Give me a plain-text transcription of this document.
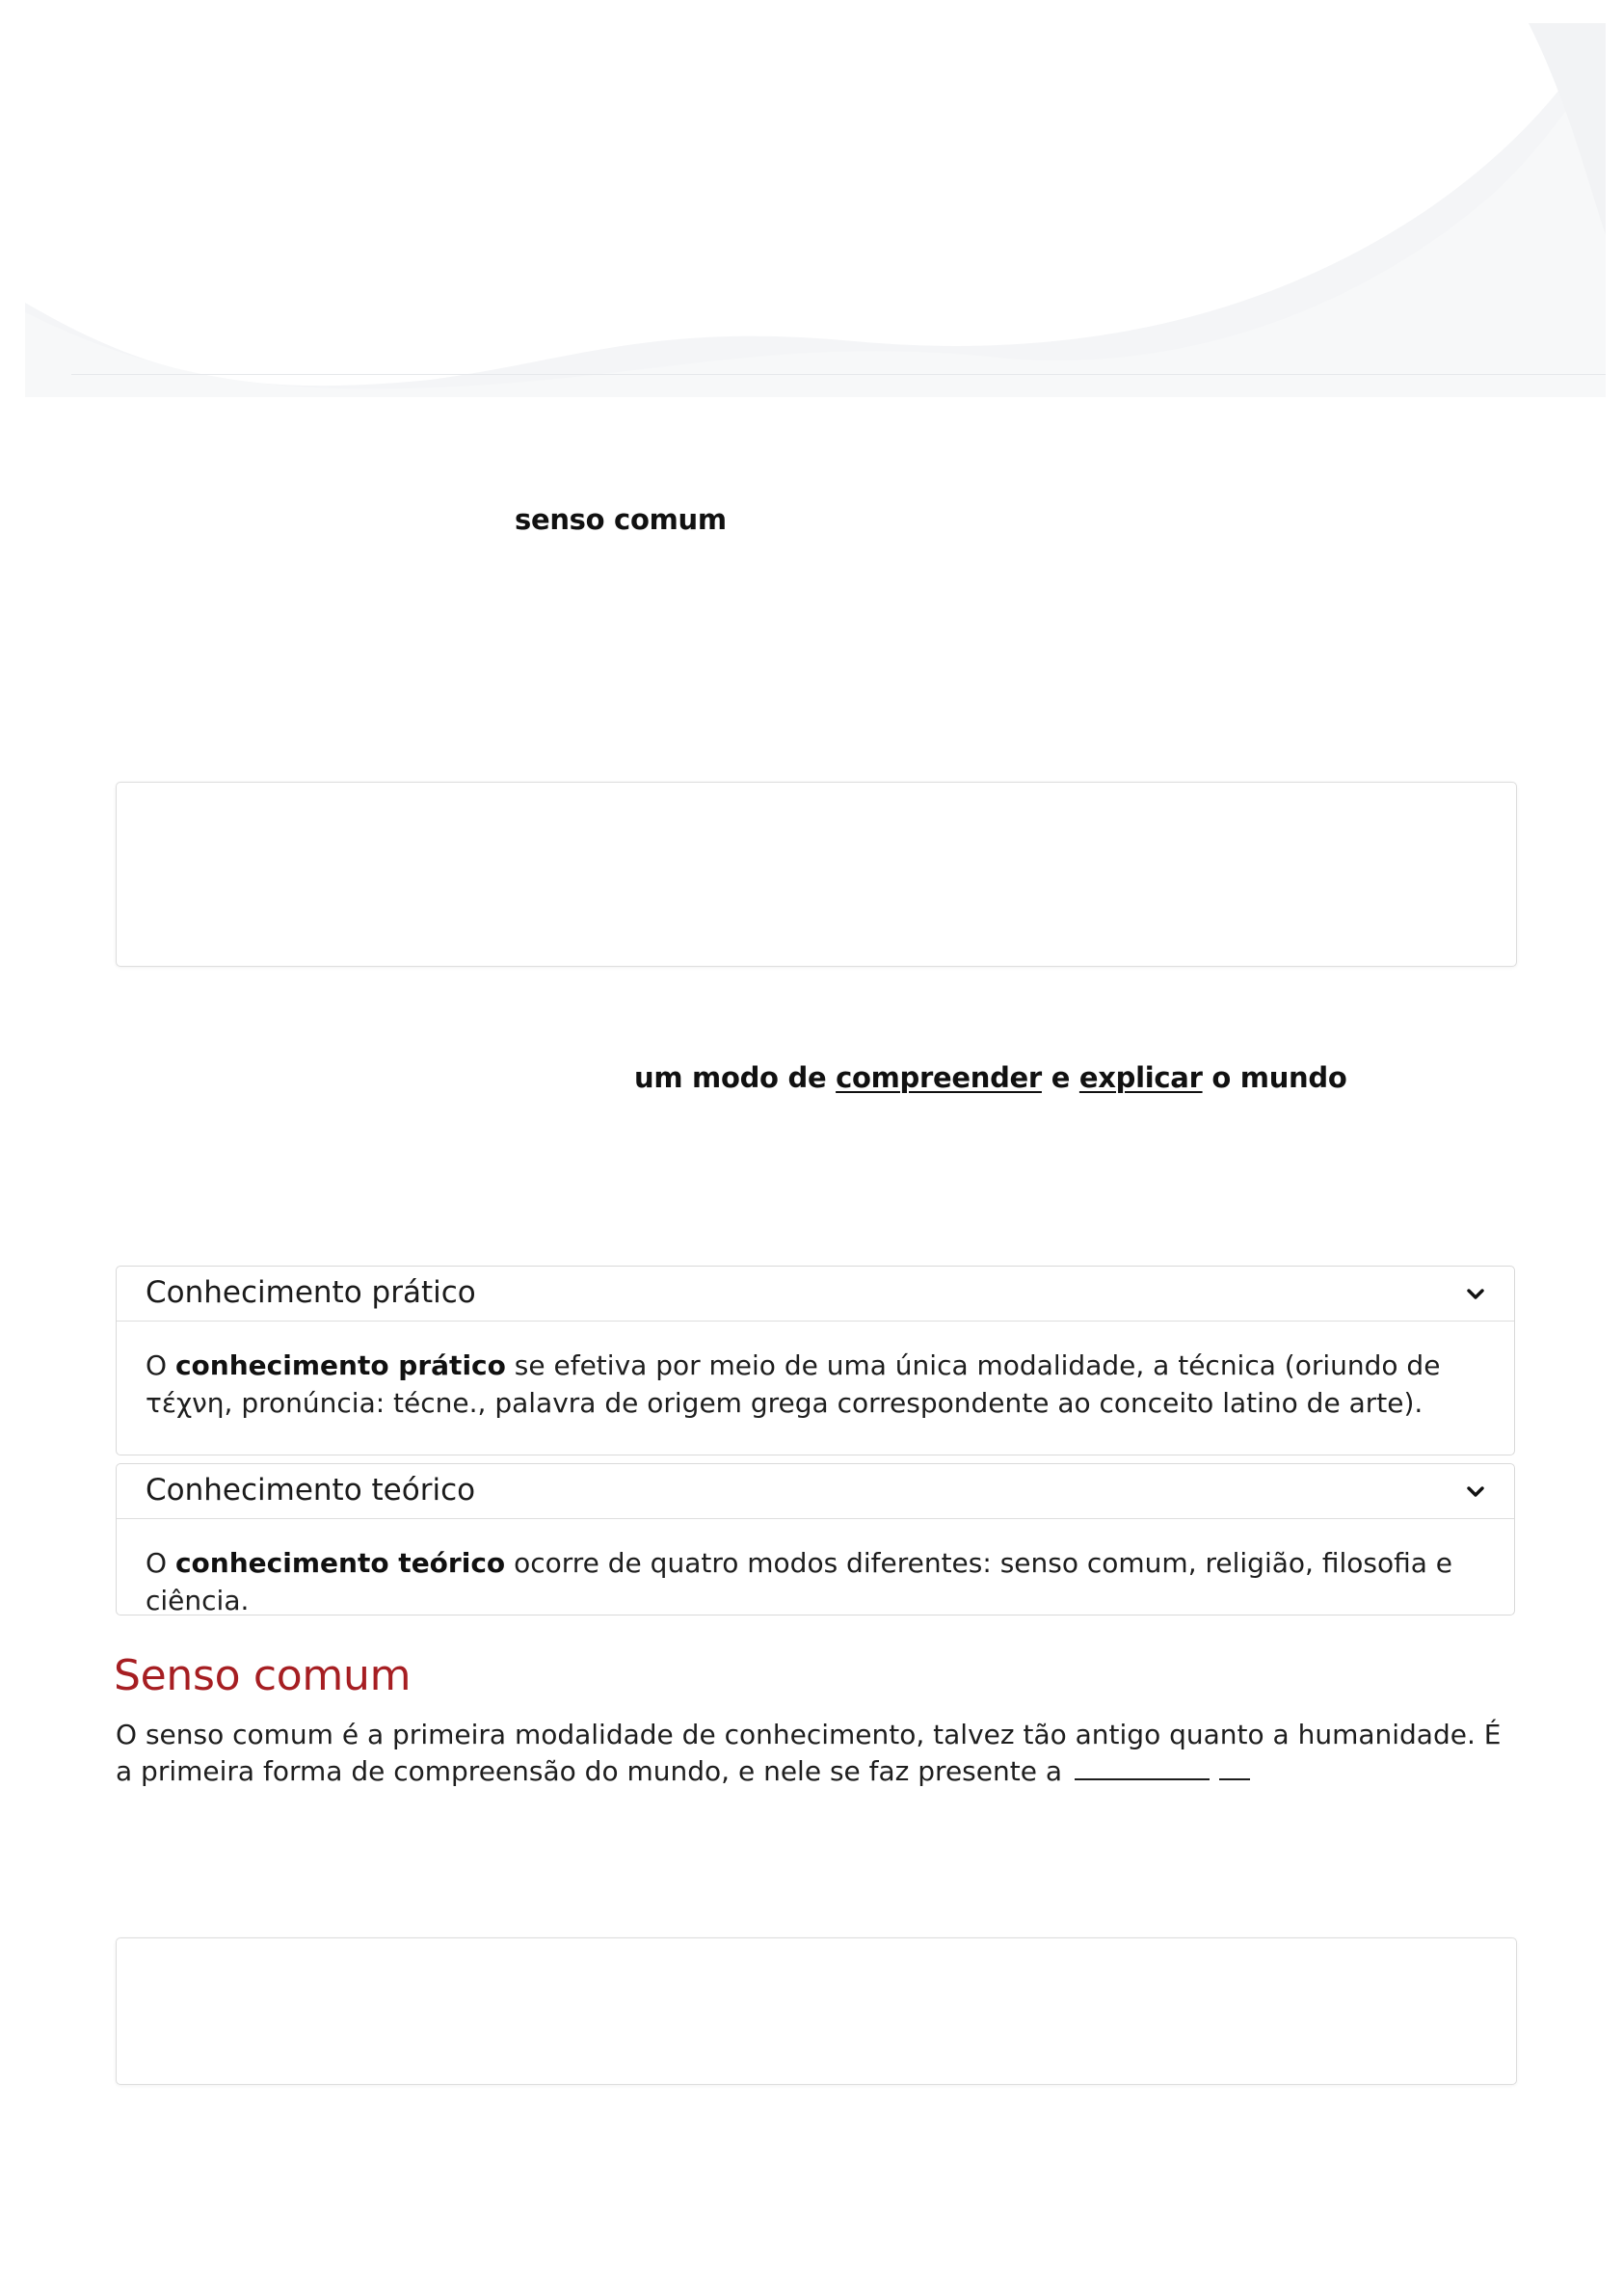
senso comum
um modo de compreender e explicar o mundo
Conhecimento prático
O conhecimento prático se efetiva por meio de uma única modalidade, a técnica (oriundo de τέχνη, pronúncia: técne., palavra de origem grega correspondente ao conceito latino de arte).
Conhecimento teórico
O conhecimento teórico ocorre de quatro modos diferentes: senso comum, religião, filosofia e ciência.
Senso comum

O senso comum é a primeira modalidade de conhecimento, talvez tão antigo quanto a humanidade. É a primeira forma de compreensão do mundo, e nele se faz presente a
